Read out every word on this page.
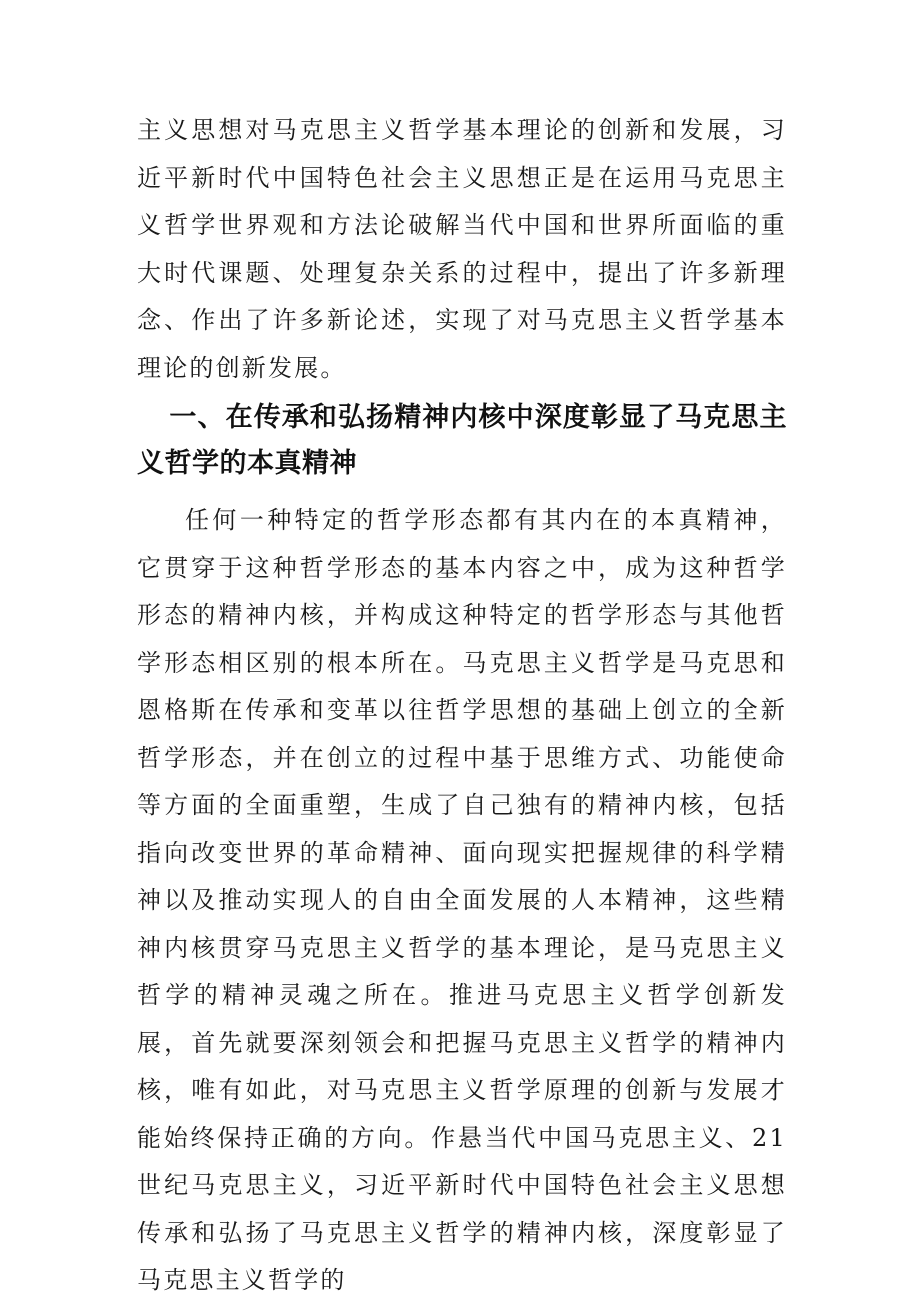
主义思想对马克思主义哲学基本理论的创新和发展，习近平新时代中国特色社会主义思想正是在运用马克思主义哲学世界观和方法论破解当代中国和世界所面临的重大时代课题、处理复杂关系的过程中，提出了许多新理念、作出了许多新论述，实现了对马克思主义哲学基本理论的创新发展。

一、在传承和弘扬精神内核中深度彰显了马克思主义哲学的本真精神

任何一种特定的哲学形态都有其内在的本真精神，它贯穿于这种哲学形态的基本内容之中，成为这种哲学形态的精神内核，并构成这种特定的哲学形态与其他哲学形态相区别的根本所在。马克思主义哲学是马克思和恩格斯在传承和变革以往哲学思想的基础上创立的全新哲学形态，并在创立的过程中基于思维方式、功能使命等方面的全面重塑，生成了自己独有的精神内核，包括指向改变世界的革命精神、面向现实把握规律的科学精神以及推动实现人的自由全面发展的人本精神，这些精神内核贯穿马克思主义哲学的基本理论，是马克思主义哲学的精神灵魂之所在。推进马克思主义哲学创新发展，首先就要深刻领会和把握马克思主义哲学的精神内核，唯有如此，对马克思主义哲学原理的创新与发展才能始终保持正确的方向。作悬当代中国马克思主义、21世纪马克思主义，习近平新时代中国特色社会主义思想传承和弘扬了马克思主义哲学的精神内核，深度彰显了马克思主义哲学的
